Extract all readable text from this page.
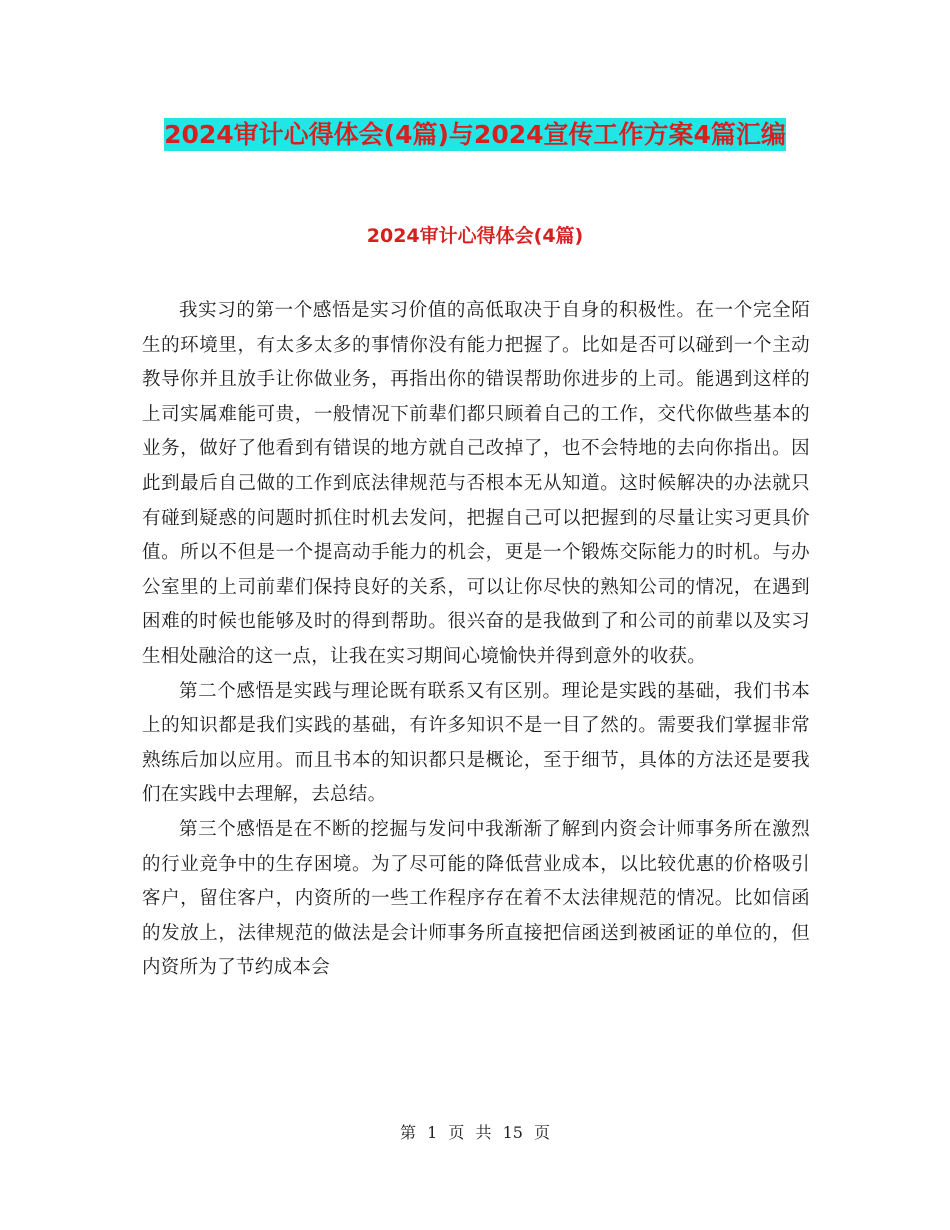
2024审计心得体会(4篇)与2024宣传工作方案4篇汇编
2024审计心得体会(4篇)

我实习的第一个感悟是实习价值的高低取决于自身的积极性。在一个完全陌生的环境里，有太多太多的事情你没有能力把握了。比如是否可以碰到一个主动教导你并且放手让你做业务，再指出你的错误帮助你进步的上司。能遇到这样的上司实属难能可贵，一般情况下前辈们都只顾着自己的工作，交代你做些基本的业务，做好了他看到有错误的地方就自己改掉了，也不会特地的去向你指出。因此到最后自己做的工作到底法律规范与否根本无从知道。这时候解决的办法就只有碰到疑惑的问题时抓住时机去发问，把握自己可以把握到的尽量让实习更具价值。所以不但是一个提高动手能力的机会，更是一个锻炼交际能力的时机。与办公室里的上司前辈们保持良好的关系，可以让你尽快的熟知公司的情况，在遇到困难的时候也能够及时的得到帮助。很兴奋的是我做到了和公司的前辈以及实习生相处融洽的这一点，让我在实习期间心境愉快并得到意外的收获。

第二个感悟是实践与理论既有联系又有区别。理论是实践的基础，我们书本上的知识都是我们实践的基础，有许多知识不是一目了然的。需要我们掌握非常熟练后加以应用。而且书本的知识都只是概论，至于细节，具体的方法还是要我们在实践中去理解，去总结。

第三个感悟是在不断的挖掘与发问中我渐渐了解到内资会计师事务所在激烈的行业竞争中的生存困境。为了尽可能的降低营业成本，以比较优惠的价格吸引客户，留住客户，内资所的一些工作程序存在着不太法律规范的情况。比如信函的发放上，法律规范的做法是会计师事务所直接把信函送到被函证的单位的，但内资所为了节约成本会

第 1 页 共 15 页
